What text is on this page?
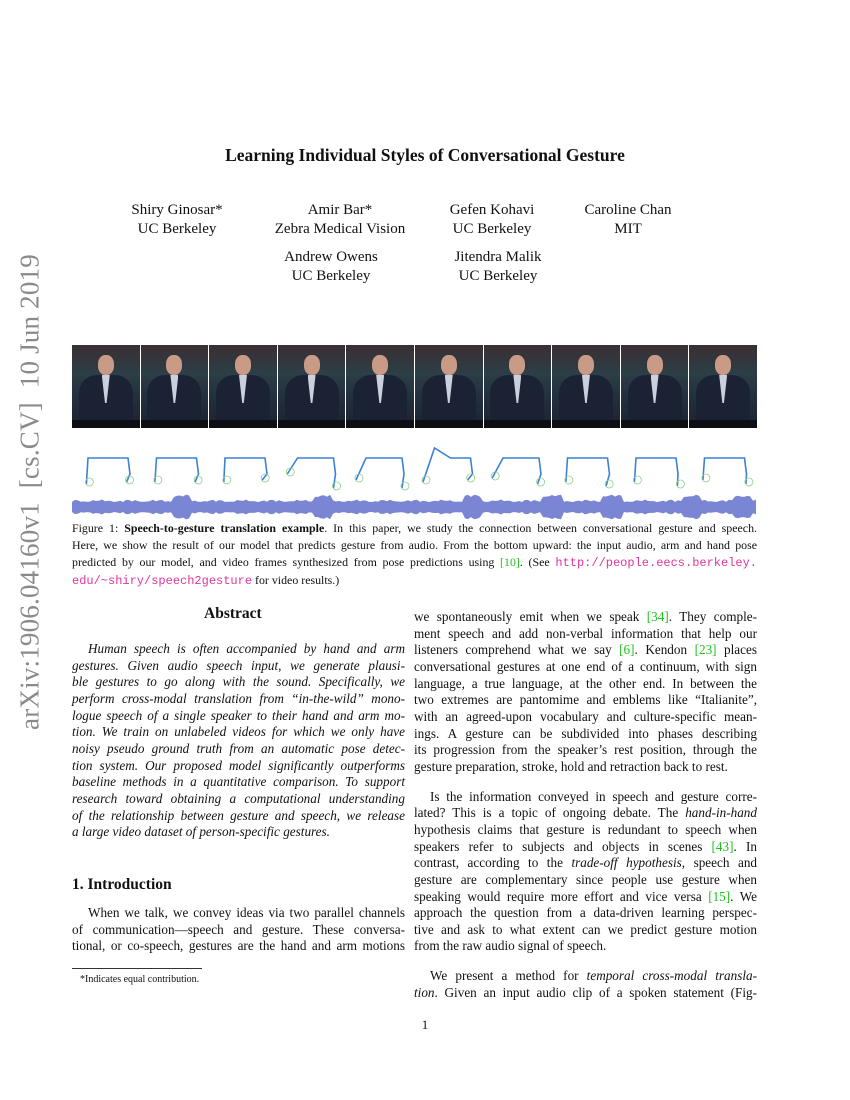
arXiv:1906.04160v1  [cs.CV]  10 Jun 2019
Learning Individual Styles of Conversational Gesture
Shiry Ginosar*
UC Berkeley
Amir Bar*
Zebra Medical Vision
Gefen Kohavi
UC Berkeley
Caroline Chan
MIT
Andrew Owens
UC Berkeley
Jitendra Malik
UC Berkeley
Figure 1: Speech-to-gesture translation example. In this paper, we study the connection between conversational gesture and speech.
Here, we show the result of our model that predicts gesture from audio. From the bottom upward: the input audio, arm and hand pose
predicted by our model, and video frames synthesized from pose predictions using [10]. (See http://people.eecs.berkeley.
edu/~shiry/speech2gesture for video results.)
Abstract
Human speech is often accompanied by hand and arm
gestures. Given audio speech input, we generate plausi-
ble gestures to go along with the sound. Specifically, we
perform cross-modal translation from “in-the-wild” mono-
logue speech of a single speaker to their hand and arm mo-
tion. We train on unlabeled videos for which we only have
noisy pseudo ground truth from an automatic pose detec-
tion system. Our proposed model significantly outperforms
baseline methods in a quantitative comparison. To support
research toward obtaining a computational understanding
of the relationship between gesture and speech, we release
a large video dataset of person-specific gestures.
1. Introduction
When we talk, we convey ideas via two parallel channels
of communication—speech and gesture. These conversa-
tional, or co-speech, gestures are the hand and arm motions
we spontaneously emit when we speak [34]. They comple-
ment speech and add non-verbal information that help our
listeners comprehend what we say [6]. Kendon [23] places
conversational gestures at one end of a continuum, with sign
language, a true language, at the other end. In between the
two extremes are pantomime and emblems like “Italianite”,
with an agreed-upon vocabulary and culture-specific mean-
ings. A gesture can be subdivided into phases describing
its progression from the speaker’s rest position, through the
gesture preparation, stroke, hold and retraction back to rest.
Is the information conveyed in speech and gesture corre-
lated? This is a topic of ongoing debate. The hand-in-hand
hypothesis claims that gesture is redundant to speech when
speakers refer to subjects and objects in scenes [43]. In
contrast, according to the trade-off hypothesis, speech and
gesture are complementary since people use gesture when
speaking would require more effort and vice versa [15]. We
approach the question from a data-driven learning perspec-
tive and ask to what extent can we predict gesture motion
from the raw audio signal of speech.
We present a method for temporal cross-modal transla-
tion. Given an input audio clip of a spoken statement (Fig-
*Indicates equal contribution.
1
